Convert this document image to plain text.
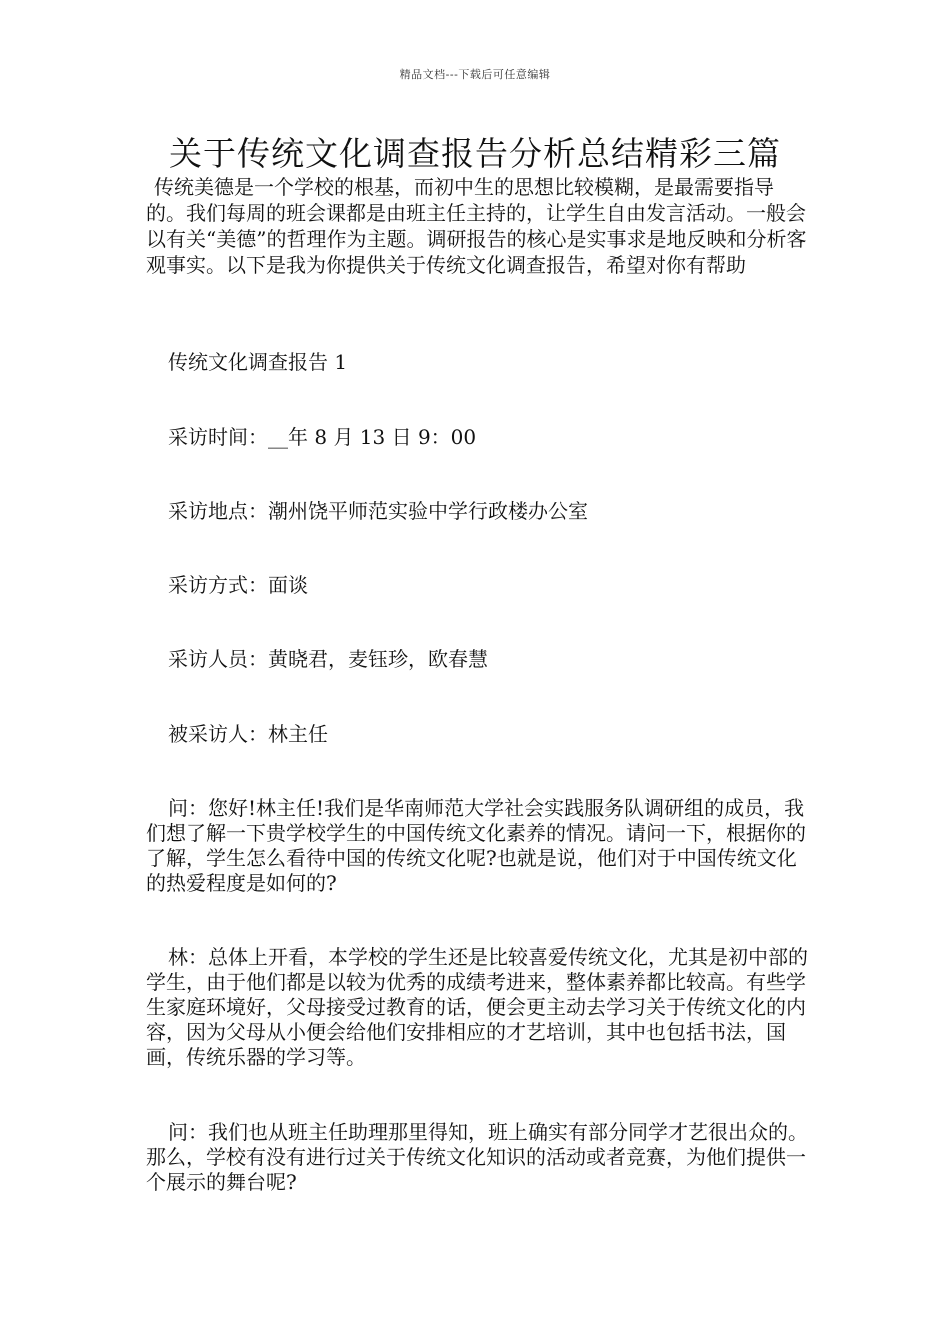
精品文档---下载后可任意编辑
关于传统文化调查报告分析总结精彩三篇
传统美德是一个学校的根基，而初中生的思想比较模糊，是最需要指导的。我们每周的班会课都是由班主任主持的，让学生自由发言活动。一般会以有关“美德”的哲理作为主题。调研报告的核心是实事求是地反映和分析客观事实。以下是我为你提供关于传统文化调查报告，希望对你有帮助
传统文化调查报告 1
采访时间：__年 8 月 13 日 9：00
采访地点：潮州饶平师范实验中学行政楼办公室
采访方式：面谈
采访人员：黄晓君，麦钰珍，欧春慧
被采访人：林主任
问：您好!林主任!我们是华南师范大学社会实践服务队调研组的成员，我们想了解一下贵学校学生的中国传统文化素养的情况。请问一下，根据你的了解，学生怎么看待中国的传统文化呢?也就是说，他们对于中国传统文化的热爱程度是如何的?
林：总体上开看，本学校的学生还是比较喜爱传统文化，尤其是初中部的学生，由于他们都是以较为优秀的成绩考进来，整体素养都比较高。有些学生家庭环境好，父母接受过教育的话，便会更主动去学习关于传统文化的内容，因为父母从小便会给他们安排相应的才艺培训，其中也包括书法，国画，传统乐器的学习等。
问：我们也从班主任助理那里得知，班上确实有部分同学才艺很出众的。那么，学校有没有进行过关于传统文化知识的活动或者竞赛，为他们提供一个展示的舞台呢?
